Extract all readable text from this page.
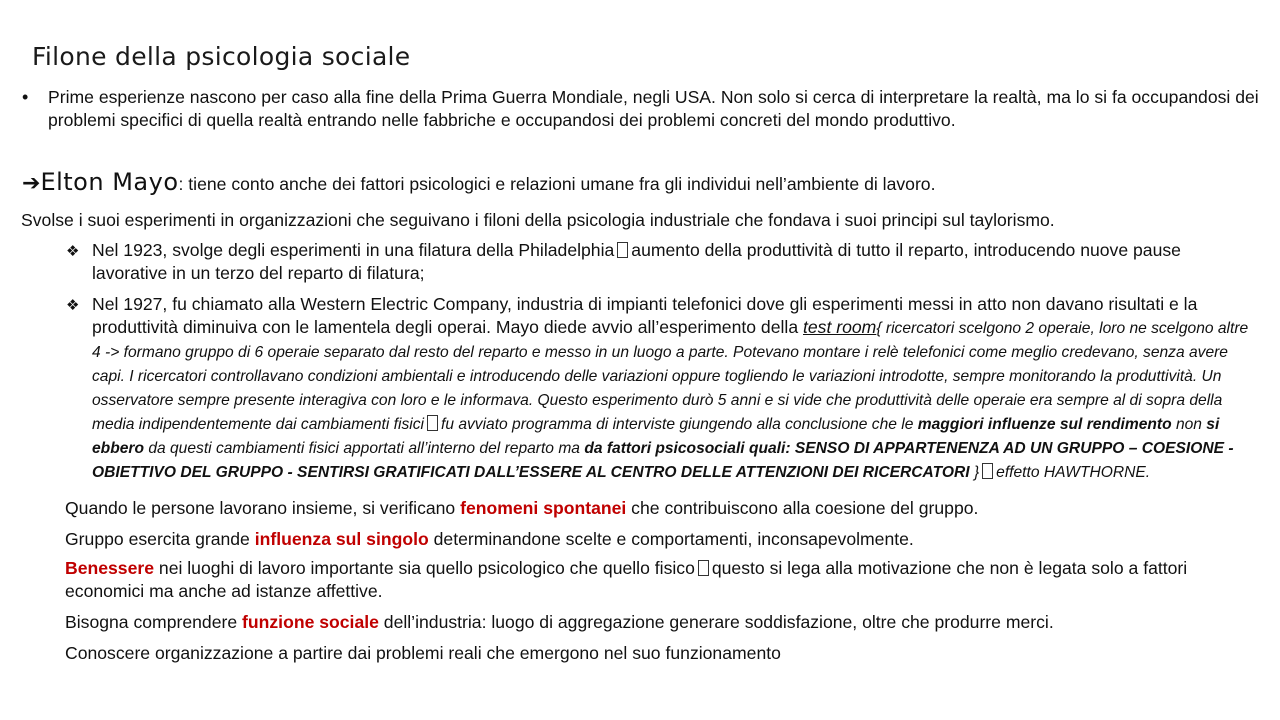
Filone della psicologia sociale
• Prime esperienze nascono per caso alla fine della Prima Guerra Mondiale, negli USA. Non solo si cerca di interpretare la realtà, ma lo si fa occupandosi dei problemi specifici di quella realtà entrando nelle fabbriche e occupandosi dei problemi concreti del mondo produttivo.
➔Elton Mayo: tiene conto anche dei fattori psicologici e relazioni umane fra gli individui nell’ambiente di lavoro.
Svolse i suoi esperimenti in organizzazioni che seguivano i filoni della psicologia industriale che fondava i suoi principi sul taylorismo.
❖ Nel 1923, svolge degli esperimenti in una filatura della Philadelphia aumento della produttività di tutto il reparto, introducendo nuove pause lavorative in un terzo del reparto di filatura;
❖ Nel 1927, fu chiamato alla Western Electric Company, industria di impianti telefonici dove gli esperimenti messi in atto non davano risultati e la produttività diminuiva con le lamentela degli operai. Mayo diede avvio all’esperimento della test room{ ricercatori scelgono 2 operaie, loro ne scelgono altre 4 -> formano gruppo di 6 operaie separato dal resto del reparto e messo in un luogo a parte. Potevano montare i relè telefonici come meglio credevano, senza avere capi. I ricercatori controllavano condizioni ambientali e introducendo delle variazioni oppure togliendo le variazioni introdotte, sempre monitorando la produttività. Un osservatore sempre presente interagiva con loro e le informava. Questo esperimento durò 5 anni e si vide che produttività delle operaie era sempre al di sopra della media indipendentemente dai cambiamenti fisici fu avviato programma di interviste giungendo alla conclusione che le maggiori influenze sul rendimento non si ebbero da questi cambiamenti fisici apportati all’interno del reparto ma da fattori psicosociali quali: SENSO DI APPARTENENZA AD UN GRUPPO – COESIONE - OBIETTIVO DEL GRUPPO - SENTIRSI GRATIFICATI DALL’ESSERE AL CENTRO DELLE ATTENZIONI DEI RICERCATORI } effetto HAWTHORNE.
Quando le persone lavorano insieme, si verificano fenomeni spontanei che contribuiscono alla coesione del gruppo.
Gruppo esercita grande influenza sul singolo determinandone scelte e comportamenti, inconsapevolmente.
Benessere nei luoghi di lavoro importante sia quello psicologico che quello fisico questo si lega alla motivazione che non è legata solo a fattori economici ma anche ad istanze affettive.
Bisogna comprendere funzione sociale dell’industria: luogo di aggregazione generare soddisfazione, oltre che produrre merci.
Conoscere organizzazione a partire dai problemi reali che emergono nel suo funzionamento
